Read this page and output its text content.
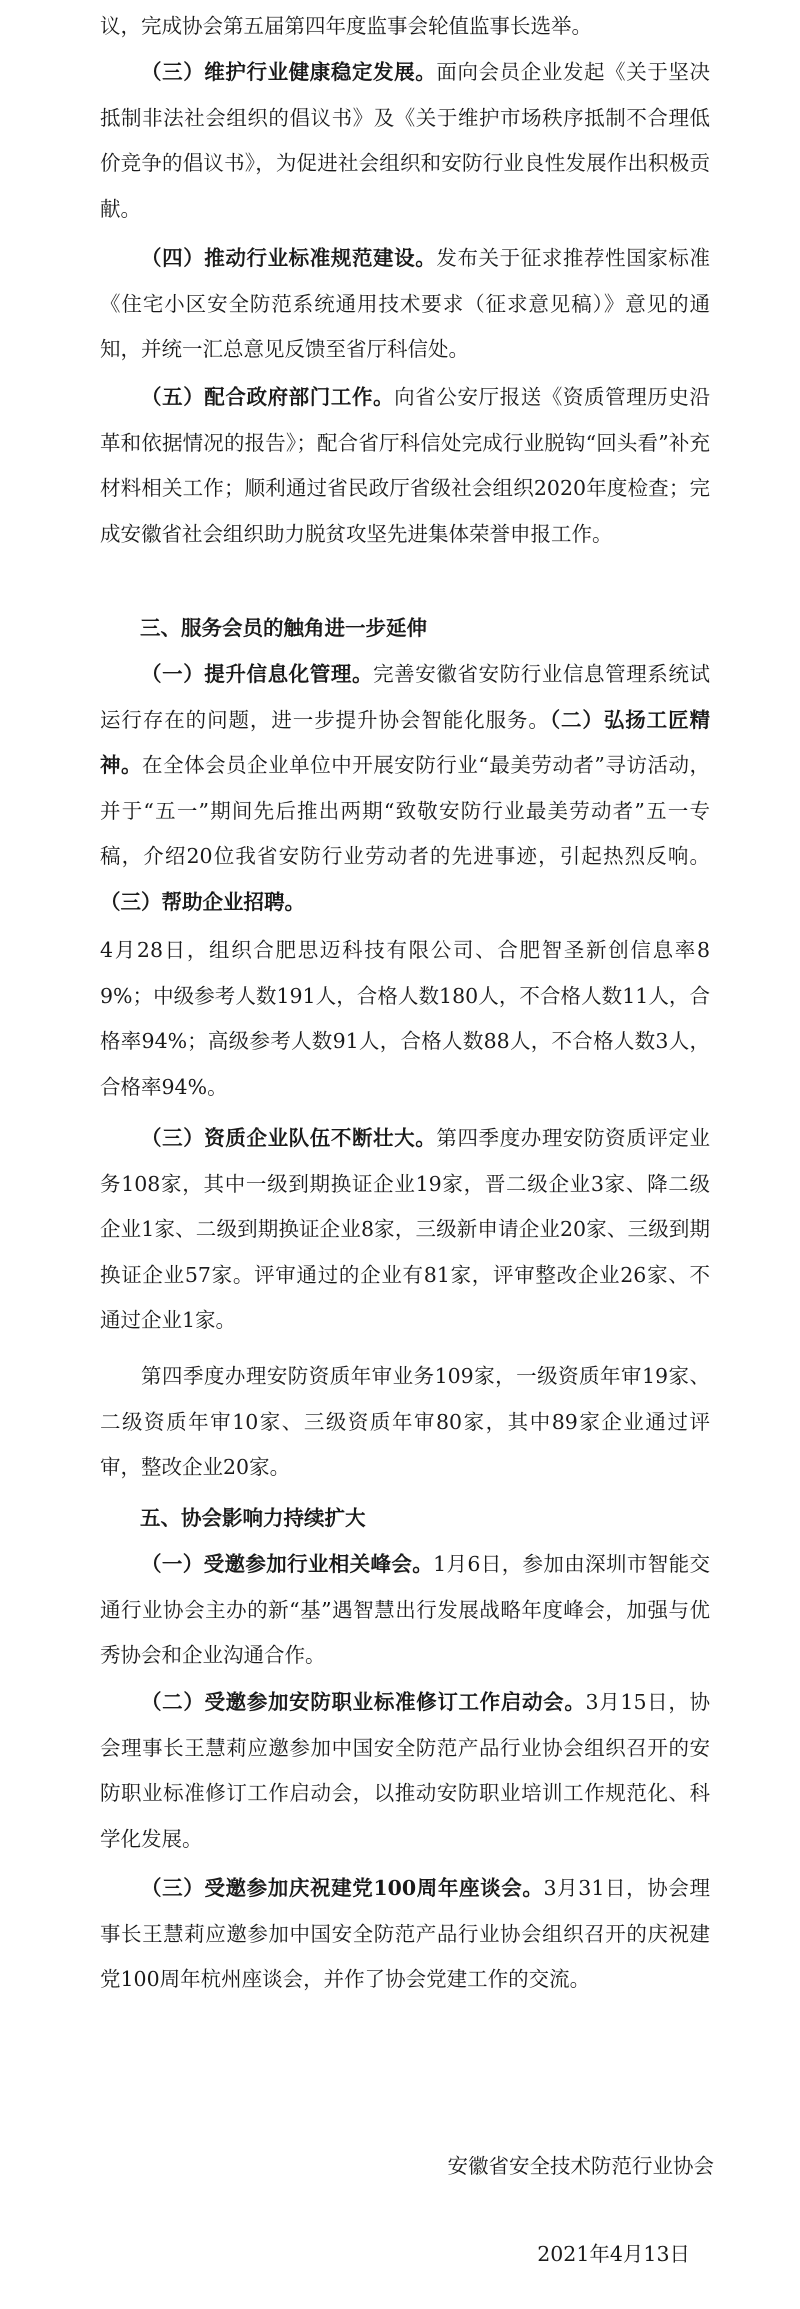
议，完成协会第五届第四年度监事会轮值监事长选举。

（三）维护行业健康稳定发展。面向会员企业发起《关于坚决抵制非法社会组织的倡议书》及《关于维护市场秩序抵制不合理低价竞争的倡议书》，为促进社会组织和安防行业良性发展作出积极贡献。

（四）推动行业标准规范建设。发布关于征求推荐性国家标准《住宅小区安全防范系统通用技术要求（征求意见稿）》意见的通知，并统一汇总意见反馈至省厅科信处。

（五）配合政府部门工作。向省公安厅报送《资质管理历史沿革和依据情况的报告》；配合省厅科信处完成行业脱钩“回头看”补充材料相关工作；顺利通过省民政厅省级社会组织2020年度检查；完成安徽省社会组织助力脱贫攻坚先进集体荣誉申报工作。

三、服务会员的触角进一步延伸

（一）提升信息化管理。完善安徽省安防行业信息管理系统试运行存在的问题，进一步提升协会智能化服务。（二）弘扬工匠精神。在全体会员企业单位中开展安防行业“最美劳动者”寻访活动，并于“五一”期间先后推出两期“致敬安防行业最美劳动者”五一专稿，介绍20位我省安防行业劳动者的先进事迹，引起热烈反响。（三）帮助企业招聘。

4月28日，组织合肥思迈科技有限公司、合肥智圣新创信息率89%；中级参考人数191人，合格人数180人，不合格人数11人，合格率94%；高级参考人数91人，合格人数88人，不合格人数3人，合格率94%。

（三）资质企业队伍不断壮大。第四季度办理安防资质评定业务108家，其中一级到期换证企业19家，晋二级企业3家、降二级企业1家、二级到期换证企业8家，三级新申请企业20家、三级到期换证企业57家。评审通过的企业有81家，评审整改企业26家、不通过企业1家。

第四季度办理安防资质年审业务109家，一级资质年审19家、二级资质年审10家、三级资质年审80家，其中89家企业通过评审，整改企业20家。

五、协会影响力持续扩大

（一）受邀参加行业相关峰会。1月6日，参加由深圳市智能交通行业协会主办的新“基”遇智慧出行发展战略年度峰会，加强与优秀协会和企业沟通合作。

（二）受邀参加安防职业标准修订工作启动会。3月15日，协会理事长王慧莉应邀参加中国安全防范产品行业协会组织召开的安防职业标准修订工作启动会，以推动安防职业培训工作规范化、科学化发展。

（三）受邀参加庆祝建党100周年座谈会。3月31日，协会理事长王慧莉应邀参加中国安全防范产品行业协会组织召开的庆祝建党100周年杭州座谈会，并作了协会党建工作的交流。

安徽省安全技术防范行业协会

2021年4月13日
